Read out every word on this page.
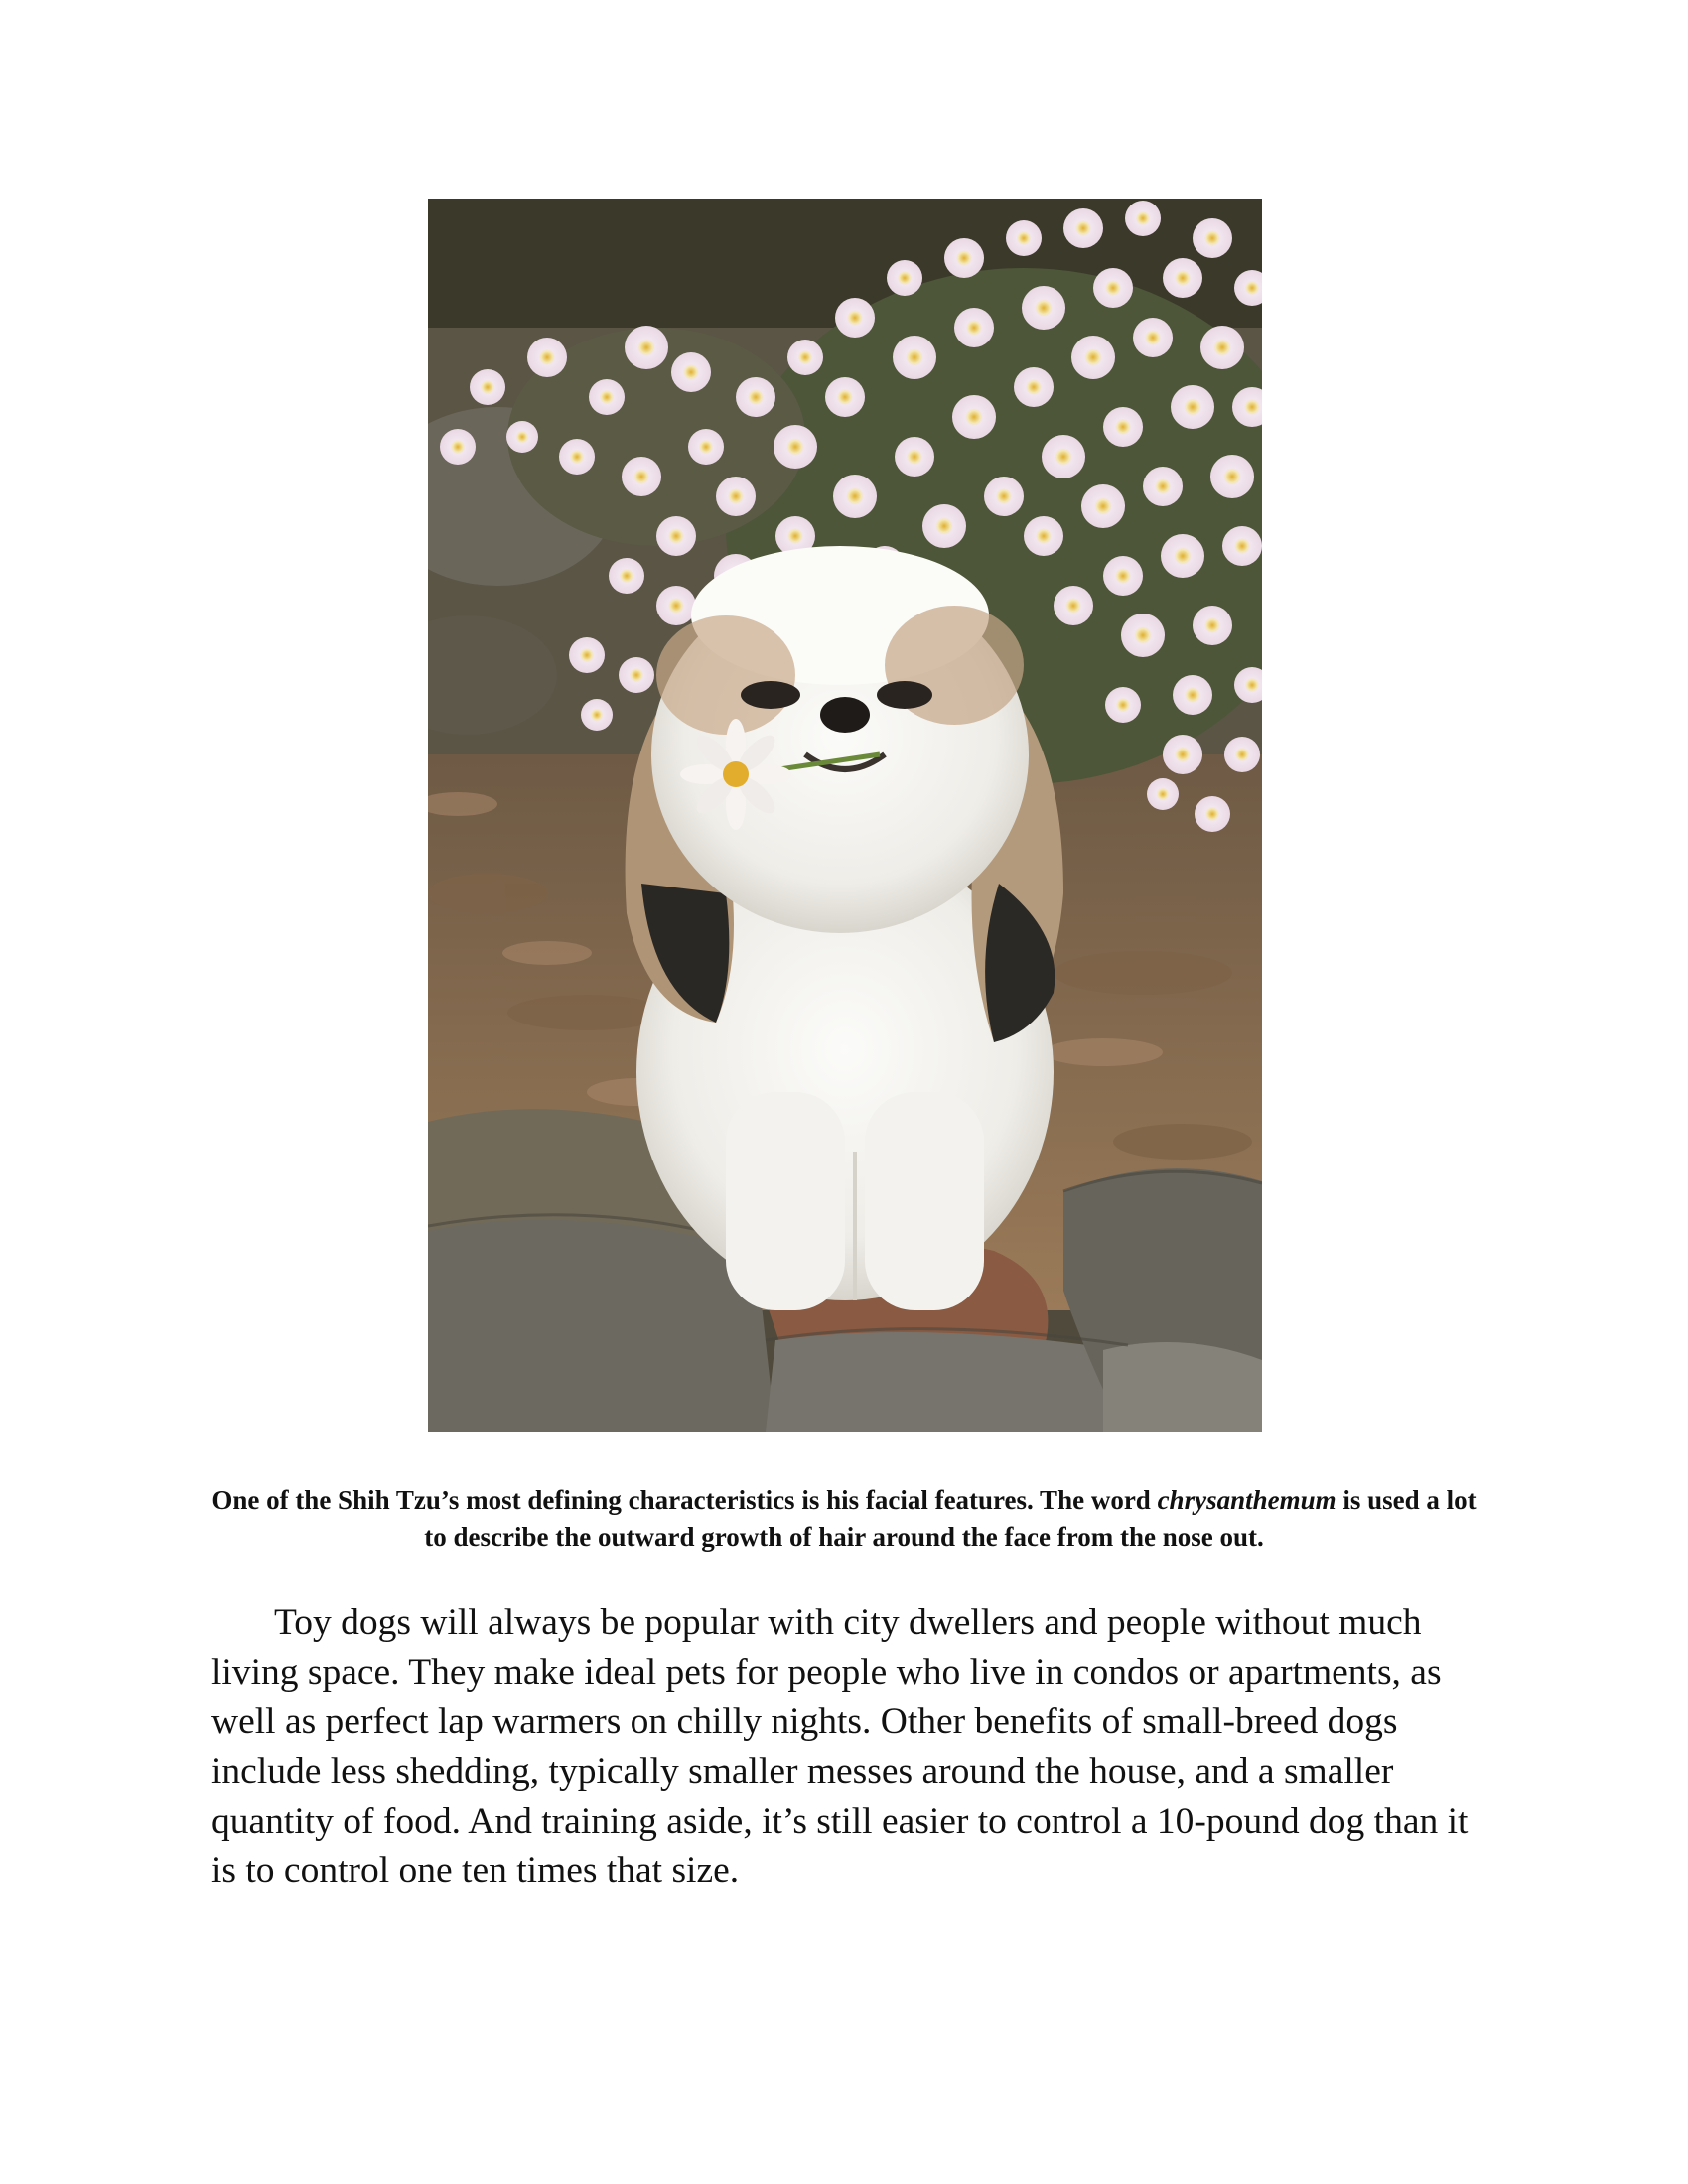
One of the Shih Tzu’s most defining characteristics is his facial features. The word chrysanthemum is used a lot to describe the outward growth of hair around the face from the nose out.

Toy dogs will always be popular with city dwellers and people without much living space. They make ideal pets for people who live in condos or apartments, as well as perfect lap warmers on chilly nights. Other benefits of small-breed dogs include less shedding, typically smaller messes around the house, and a smaller quantity of food. And training aside, it’s still easier to control a 10-pound dog than it is to control one ten times that size.
